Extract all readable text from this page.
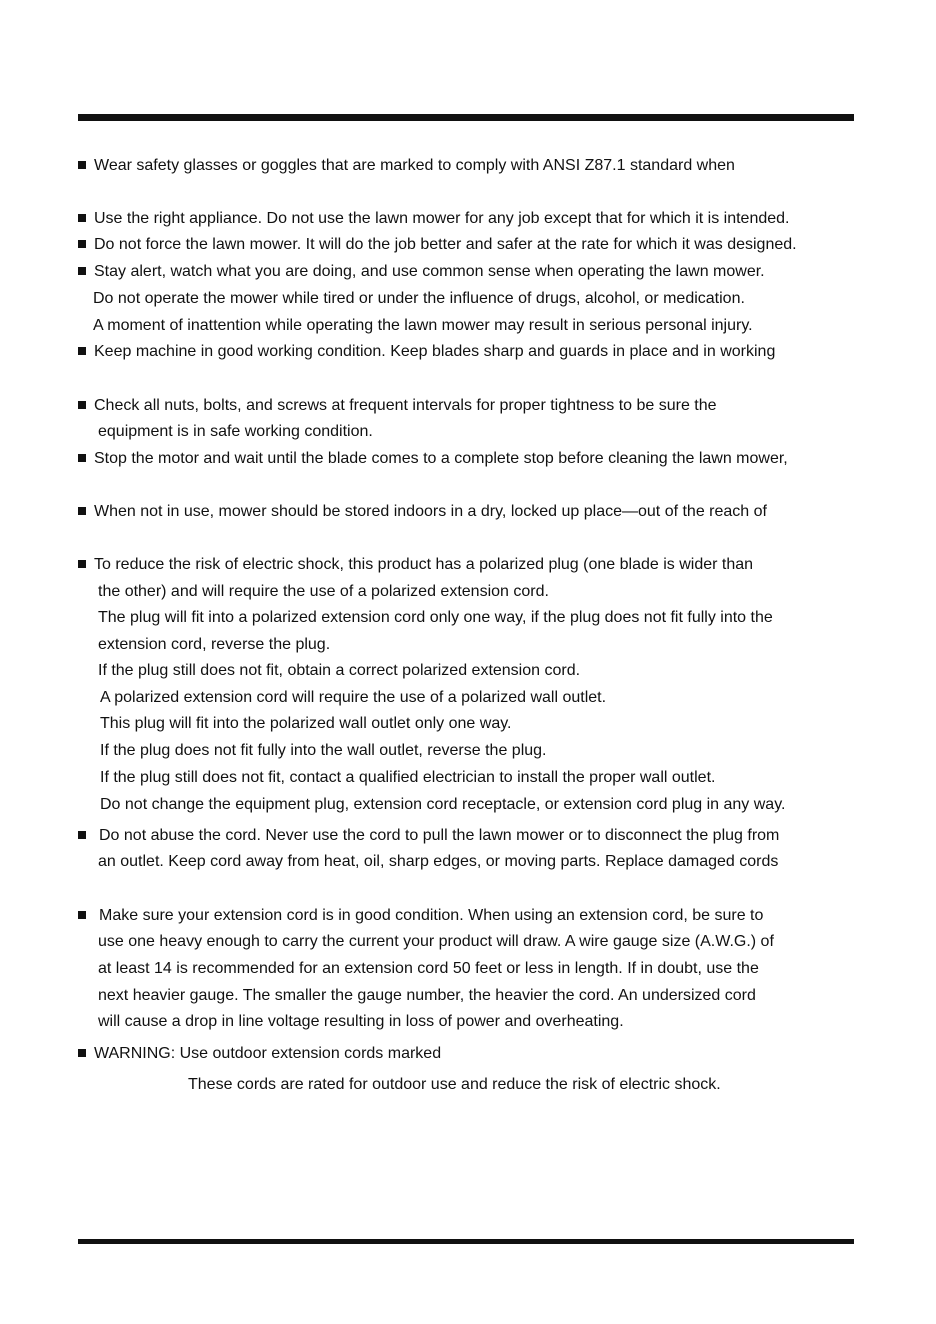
Wear safety glasses or goggles that are marked to comply with ANSI Z87.1 standard when
Use the right appliance. Do not use the lawn mower for any job except that for which it is intended.
Do not force the lawn mower. It will do the job better and safer at the rate for which it was designed.
Stay alert, watch what you are doing, and use common sense when operating the lawn mower.
Do not operate the mower while tired or under the influence of drugs, alcohol, or medication.
A moment of inattention while operating the lawn mower may result in serious personal injury.
Keep machine in good working condition. Keep blades sharp and guards in place and in working
Check all nuts, bolts, and screws at frequent intervals for proper tightness to be sure the
equipment is in safe working condition.
Stop the motor and wait until the blade comes to a complete stop before cleaning the lawn mower,
When not in use, mower should be stored indoors in a dry, locked up place—out of the reach of
To reduce the risk of electric shock, this product has a polarized plug (one blade is wider than
the other) and will require the use of a polarized extension cord.
The plug will fit into a polarized extension cord only one way, if the plug does not fit fully into the
extension cord, reverse the plug.
If the plug still does not fit, obtain a correct polarized extension cord.
A polarized extension cord will require the use of a polarized wall outlet.
This plug will fit into the polarized wall outlet only one way.
If the plug does not fit fully into the wall outlet, reverse the plug.
If the plug still does not fit, contact a qualified electrician to install the proper wall outlet.
Do not change the equipment plug, extension cord receptacle, or extension cord plug in any way.
Do not abuse the cord. Never use the cord to pull the lawn mower or to disconnect the plug from
an outlet. Keep cord away from heat, oil, sharp edges, or moving parts. Replace damaged cords
Make sure your extension cord is in good condition. When using an extension cord, be sure to
use one heavy enough to carry the current your product will draw. A wire gauge size (A.W.G.) of
at least 14 is recommended for an extension cord 50 feet or less in length. If in doubt, use the
next heavier gauge. The smaller the gauge number, the heavier the cord. An undersized cord
will cause a drop in line voltage resulting in loss of power and overheating.
WARNING: Use outdoor extension cords marked
These cords are rated for outdoor use and reduce the risk of electric shock.
